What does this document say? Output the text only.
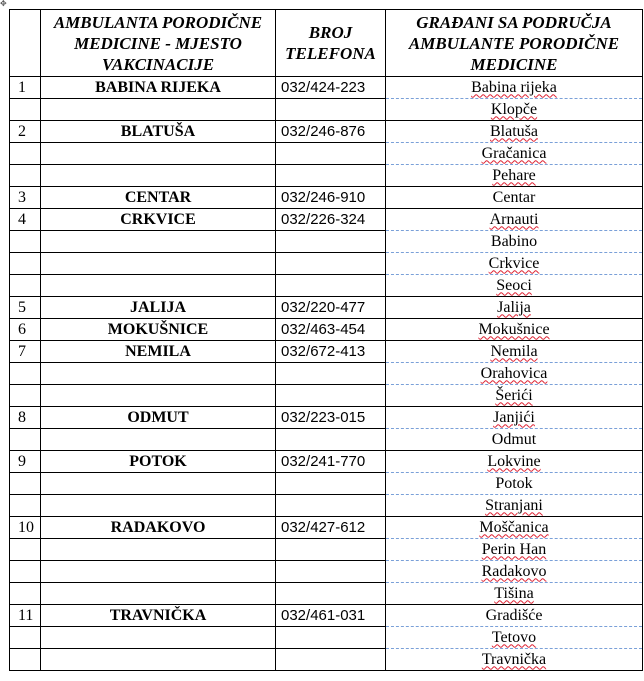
✥
	AMBULANTA PORODIČNE MEDICINE - MJESTO VAKCINACIJE	BROJ TELEFONA	GRAĐANI SA PODRUČJA AMBULANTE PORODIČNE MEDICINE
1	BABINA RIJEKA	032/424-223	Babina rijeka
			Klopče
2	BLATUŠA	032/246-876	Blatuša
			Gračanica
			Pehare
3	CENTAR	032/246-910	Centar
4	CRKVICE	032/226-324	Arnauti
			Babino
			Crkvice
			Seoci
5	JALIJA	032/220-477	Jalija
6	MOKUŠNICE	032/463-454	Mokušnice
7	NEMILA	032/672-413	Nemila
			Orahovica
			Šerići
8	ODMUT	032/223-015	Janjići
			Odmut
9	POTOK	032/241-770	Lokvine
			Potok
			Stranjani
10	RADAKOVO	032/427-612	Moščanica
			Perin Han
			Radakovo
			Tišina
11	TRAVNIČKA	032/461-031	Gradišće
			Tetovo
			Travnička
